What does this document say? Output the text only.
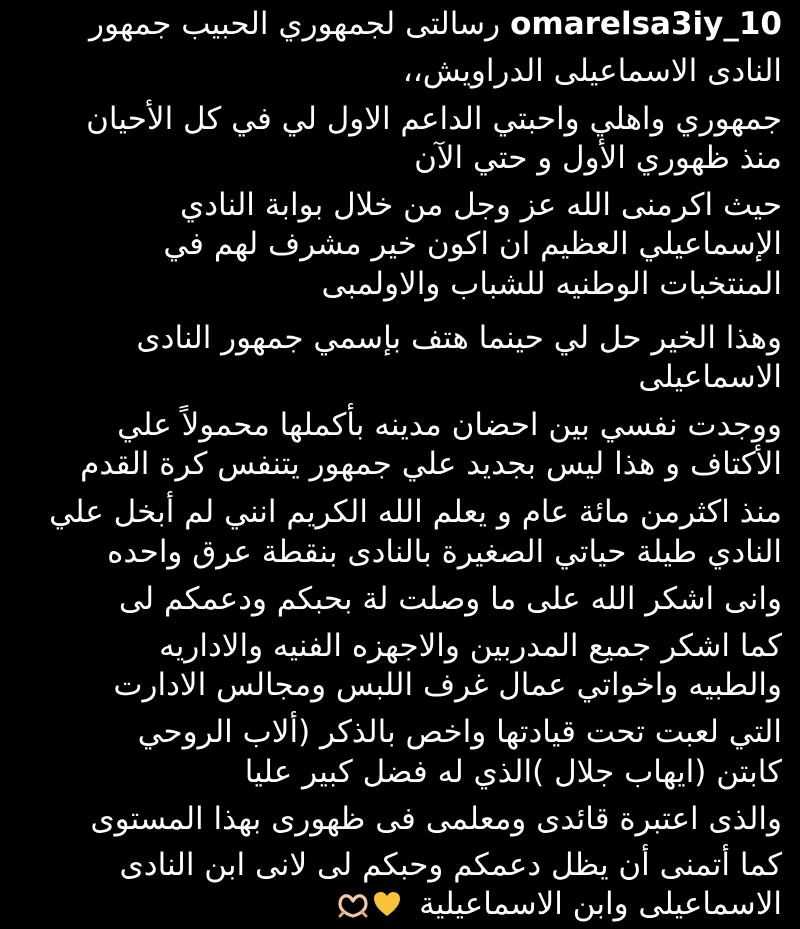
omarelsa3iy_10رسالتى لجمهوري الحبيب جمهور
النادى الاسماعيلى الدراويش،،
جمهوري واهلي واحبتي الداعم الاول لي في كل الأحيان
منذ ظهوري الأول و حتي الآن
حيث اكرمنى الله عز وجل من خلال بوابة النادي
الإسماعيلي العظيم ان اكون خير مشرف لهم في
المنتخبات الوطنيه للشباب والاولمبى
وهذا الخير حل لي حينما هتف بإسمي جمهور النادى
الاسماعيلى
ووجدت نفسي بين احضان مدينه بأكملها محمولاً علي
الأكتاف و هذا ليس بجديد علي جمهور يتنفس كرة القدم
منذ اكثرمن مائة عام و يعلم الله الكريم انني لم أبخل علي
النادي طيلة حياتي الصغيرة بالنادى بنقطة عرق واحده
وانى اشكر الله على ما وصلت لة بحبكم ودعمكم لى
كما اشكر جميع المدربين والاجهزه الفنيه والاداريه
والطبيه واخواتي عمال غرف اللبس ومجالس الادارت
التي لعبت تحت قيادتها واخص بالذكر (ألاب الروحي
كابتن (ايهاب جلال )الذي له فضل كبير عليا
والذى اعتبرة قائدى ومعلمى فى ظهورى بهذا المستوى
كما أتمنى أن يظل دعمكم وحبكم لى لانى ابن النادى
الاسماعيلى وابن الاسماعيلية
